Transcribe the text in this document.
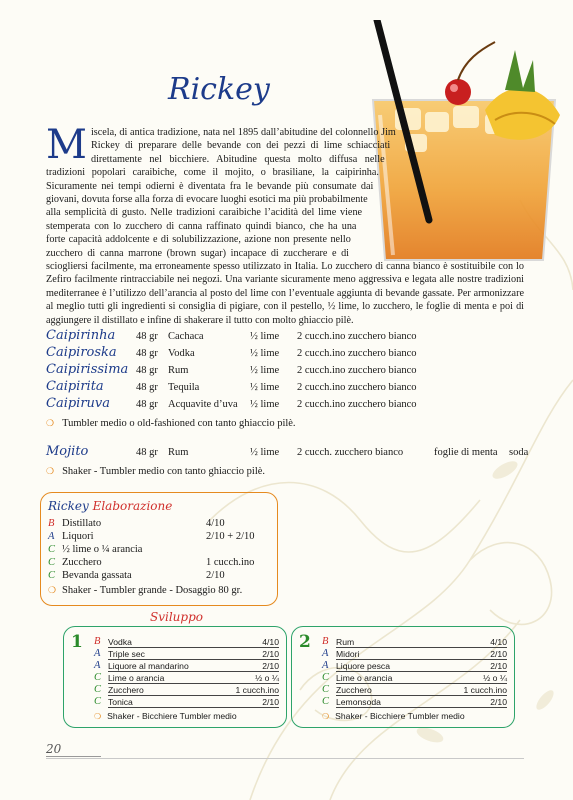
Rickey
M iscela, di antica tradizione, nata nel 1895 dall’abitudine del colonnello Jim Rickey di preparare delle bevande con dei pezzi di lime schiacciati direttamente nel bicchiere. Abitudine questa molto diffusa nelle tradizioni popolari caraibiche, come il mojito, o brasiliane, la caipirinha. Sicuramente nei tempi odierni è diventata fra le bevande più consumate dai giovani, dovuta forse alla forza di evocare luoghi esotici ma più probabilmente alla semplicità di gusto. Nelle tradizioni caraibiche l’acidità del lime viene stemperata con lo zucchero di canna raffinato quindi bianco, che ha una forte capacità addolcente e di solubilizzazione, azione non presente nello zucchero di canna marrone (brown sugar) incapace di zuccherare e di sciogliersi facilmente, ma erroneamente spesso utilizzato in Italia. Lo zucchero di canna bianco è sostituibile con lo Zefiro facilmente rintracciabile nei negozi. Una variante sicuramente meno aggressiva e legata alle nostre tradizioni mediterranee è l’utilizzo dell’arancia al posto del lime con l’eventuale aggiunta di bevande gassate. Per armonizzare al meglio tutti gli ingredienti si consiglia di pigiare, con il pestello, ½ lime, lo zucchero, le foglie di menta e poi di aggiungere il distillato e infine di shakerare il tutto con molto ghiaccio pilè.

Caipirinha	48 gr Cachaca	½ lime	2 cucch.ino zucchero bianco
Caipiroska	48 gr Vodka	½ lime	2 cucch.ino zucchero bianco
Caipirissima 48 gr Rum	½ lime	2 cucch.ino zucchero bianco
Caipirita	48 gr Tequila	½ lime	2 cucch.ino zucchero bianco
Caipiruva	48 gr Acquavite d’uva	½ lime	2 cucch.ino zucchero bianco
❍ Tumbler medio o old-fashioned con tanto ghiaccio pilè.
Mojito	48 gr Rum	½ lime	2 cucch. zucchero bianco	foglie di menta	soda
❍ Shaker - Tumbler medio con tanto ghiaccio pilè.
Rickey Elaborazione
B Distillato	4/10
A Liquori	2/10 + 2/10
C ½ lime o ¼ arancia
C Zucchero	1 cucch.ino
C Bevanda gassata	2/10
❍ Shaker - Tumbler grande - Dosaggio 80 gr.
Sviluppo
1 B Vodka	4/10
A Triple sec	2/10
A Liquore al mandarino	2/10
C Lime o arancia	½ o ¼
C Zucchero	1 cucch.ino
C Tonica	2/10
❍ Shaker - Bicchiere Tumbler medio
2 B Rum	4/10
A Midori	2/10
A Liquore pesca	2/10
C Lime o arancia	½ o ¼
C Zucchero	1 cucch.ino
C Lemonsoda	2/10
❍ Shaker - Bicchiere Tumbler medio
20
